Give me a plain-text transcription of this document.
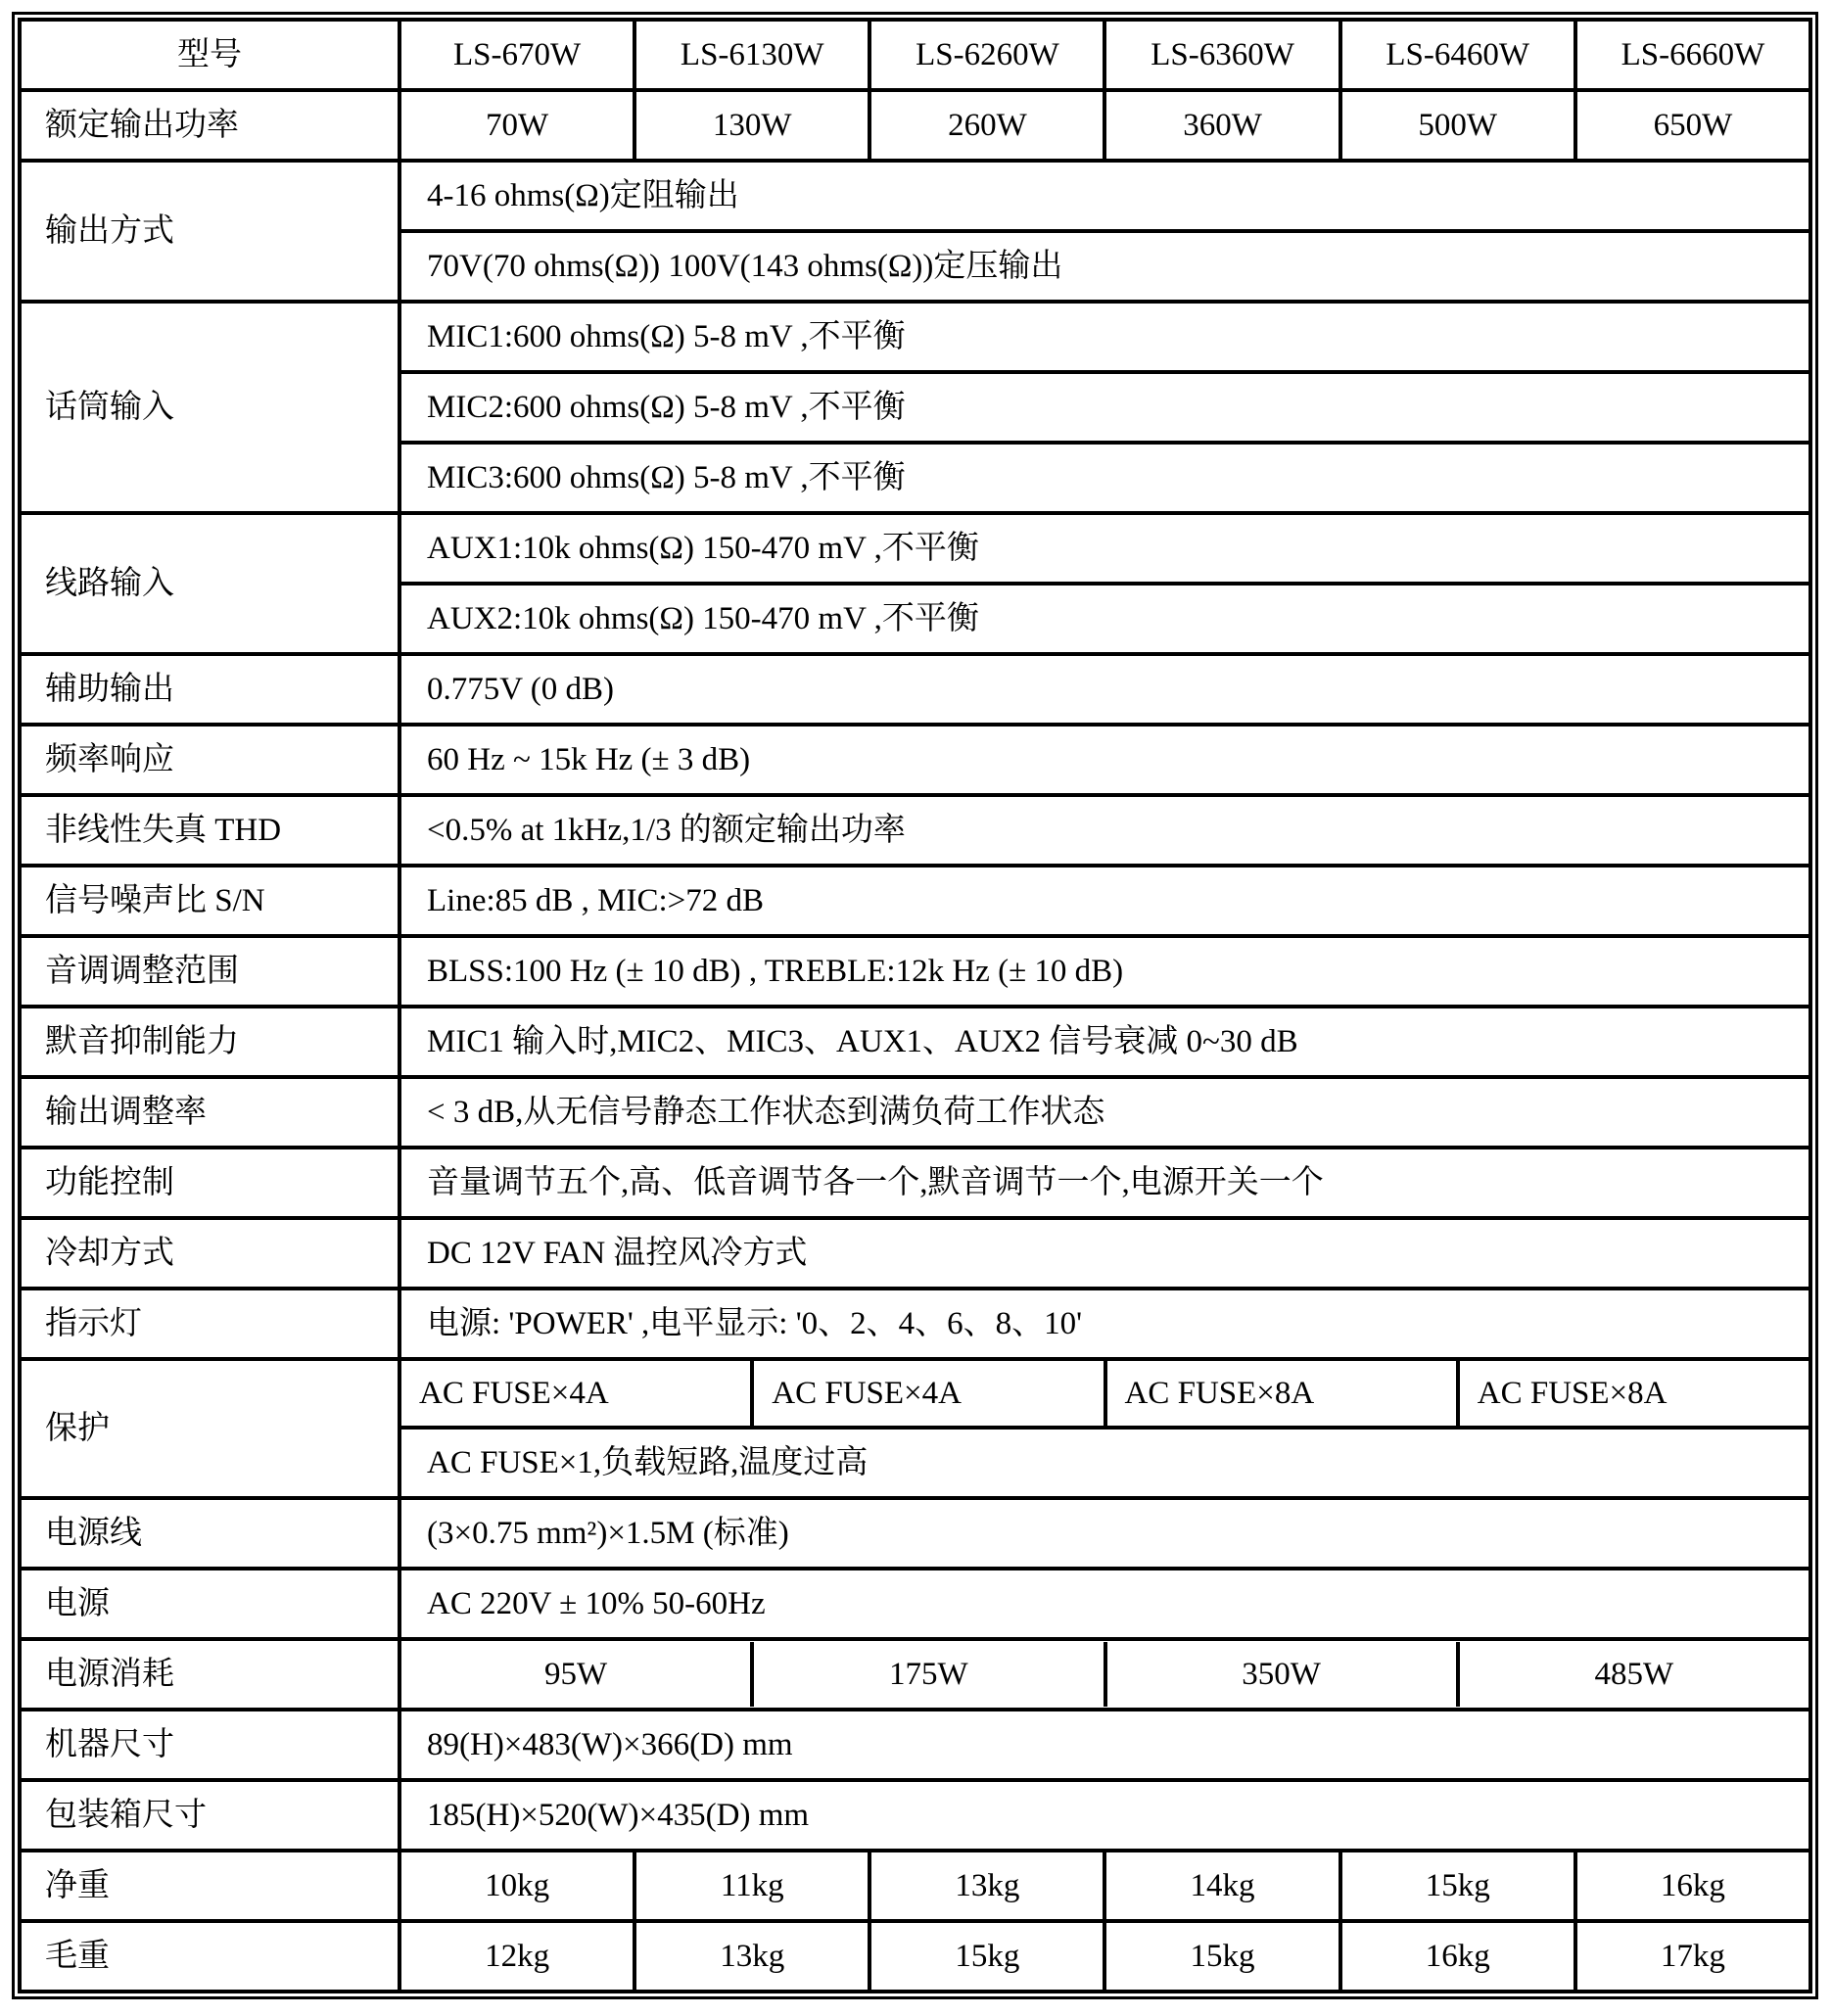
型号	LS-670W	LS-6130W	LS-6260W	LS-6360W	LS-6460W	LS-6660W
额定输出功率	70W	130W	260W	360W	500W	650W
输出方式	4-16 ohms(Ω)定阻输出					
	70V(70 ohms(Ω)) 100V(143 ohms(Ω))定压输出					
话筒输入	MIC1:600 ohms(Ω) 5-8 mV ,不平衡					
	MIC2:600 ohms(Ω) 5-8 mV ,不平衡					
	MIC3:600 ohms(Ω) 5-8 mV ,不平衡					
线路输入	AUX1:10k ohms(Ω) 150-470 mV ,不平衡					
	AUX2:10k ohms(Ω) 150-470 mV ,不平衡					
辅助输出	0.775V (0 dB)					
频率响应	60 Hz ~ 15k Hz (± 3 dB)					
非线性失真 THD	<0.5% at 1kHz,1/3 的额定输出功率					
信号噪声比 S/N	Line:85 dB , MIC:>72 dB					
音调调整范围	BLSS:100 Hz (± 10 dB) , TREBLE:12k Hz (± 10 dB)					
默音抑制能力	MIC1 输入时,MIC2、MIC3、AUX1、AUX2 信号衰减 0~30 dB					
输出调整率	< 3 dB,从无信号静态工作状态到满负荷工作状态					
功能控制	音量调节五个,高、低音调节各一个,默音调节一个,电源开关一个					
冷却方式	DC 12V FAN 温控风冷方式					
指示灯	电源: 'POWER' ,电平显示: '0、2、4、6、8、10'					
保护	AC FUSE×4A AC FUSE×4A AC FUSE×8A AC FUSE×8A					

	AC FUSE×1,负载短路,温度过高					
电源线	(3×0.75 mm²)×1.5M (标准)					
电源	AC 220V ± 10% 50-60Hz					
电源消耗	95W 175W 350W 485W					

机器尺寸	89(H)×483(W)×366(D) mm					
包装箱尺寸	185(H)×520(W)×435(D) mm					
净重	10kg	11kg	13kg	14kg	15kg	16kg
毛重	12kg	13kg	15kg	15kg	16kg	17kg
